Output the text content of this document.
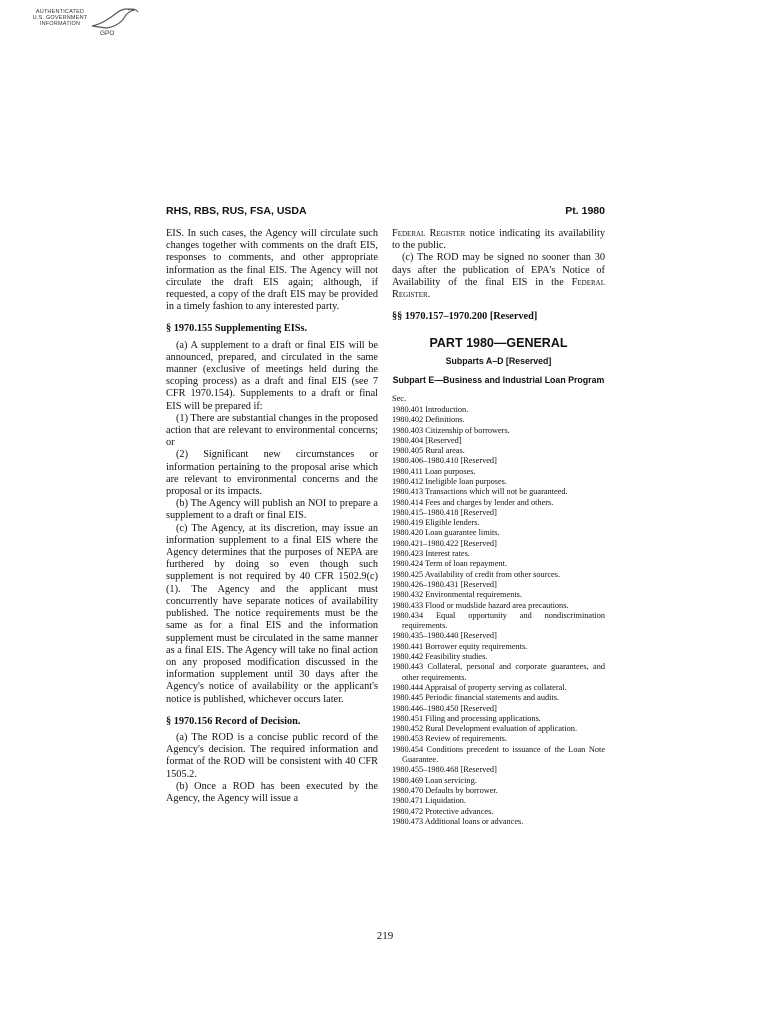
AUTHENTICATED
U.S. GOVERNMENT
INFORMATION
GPO
RHS, RBS, RUS, FSA, USDA	Pt. 1980

EIS. In such cases, the Agency will circulate such changes together with comments on the draft EIS, responses to comments, and other appropriate information as the final EIS. The Agency will not circulate the draft EIS again; although, if requested, a copy of the draft EIS may be provided in a timely fashion to any interested party.

§ 1970.155 Supplementing EISs.

(a) A supplement to a draft or final EIS will be announced, prepared, and circulated in the same manner (exclusive of meetings held during the scoping process) as a draft and final EIS (see 7 CFR 1970.154). Supplements to a draft or final EIS will be prepared if:

(1) There are substantial changes in the proposed action that are relevant to environmental concerns; or

(2) Significant new circumstances or information pertaining to the proposal arise which are relevant to environmental concerns and the proposal or its impacts.

(b) The Agency will publish an NOI to prepare a supplement to a draft or final EIS.

(c) The Agency, at its discretion, may issue an information supplement to a final EIS where the Agency determines that the purposes of NEPA are furthered by doing so even though such supplement is not required by 40 CFR 1502.9(c)(1). The Agency and the applicant must concurrently have separate notices of availability published. The notice requirements must be the same as for a final EIS and the information supplement must be circulated in the same manner as a final EIS. The Agency will take no final action on any proposed modification discussed in the information supplement until 30 days after the Agency's notice of availability or the applicant's notice is published, whichever occurs later.

§ 1970.156 Record of Decision.

(a) The ROD is a concise public record of the Agency's decision. The required information and format of the ROD will be consistent with 40 CFR 1505.2.

(b) Once a ROD has been executed by the Agency, the Agency will issue a

Federal Register notice indicating its availability to the public.

(c) The ROD may be signed no sooner than 30 days after the publication of EPA's Notice of Availability of the final EIS in the Federal Register.

§§ 1970.157–1970.200 [Reserved]

PART 1980—GENERAL

Subparts A–D [Reserved]

Subpart E—Business and Industrial Loan Program

Sec.
1980.401 Introduction.
1980.402 Definitions.
1980.403 Citizenship of borrowers.
1980.404 [Reserved]
1980.405 Rural areas.
1980.406–1980.410 [Reserved]
1980.411 Loan purposes.
1980.412 Ineligible loan purposes.
1980.413 Transactions which will not be guaranteed.
1980.414 Fees and charges by lender and others.
1980.415–1980.418 [Reserved]
1980.419 Eligible lenders.
1980.420 Loan guarantee limits.
1980.421–1980.422 [Reserved]
1980.423 Interest rates.
1980.424 Term of loan repayment.
1980.425 Availability of credit from other sources.
1980.426–1980.431 [Reserved]
1980.432 Environmental requirements.
1980.433 Flood or mudslide hazard area precautions.
1980.434 Equal opportunity and nondiscrimination requirements.
1980.435–1980.440 [Reserved]
1980.441 Borrower equity requirements.
1980.442 Feasibility studies.
1980.443 Collateral, personal and corporate guarantees, and other requirements.
1980.444 Appraisal of property serving as collateral.
1980.445 Periodic financial statements and audits.
1980.446–1980.450 [Reserved]
1980.451 Filing and processing applications.
1980.452 Rural Development evaluation of application.
1980.453 Review of requirements.
1980.454 Conditions precedent to issuance of the Loan Note Guarantee.
1980.455–1980.468 [Reserved]
1980.469 Loan servicing.
1980.470 Defaults by borrower.
1980.471 Liquidation.
1980.472 Protective advances.
1980.473 Additional loans or advances.
219
